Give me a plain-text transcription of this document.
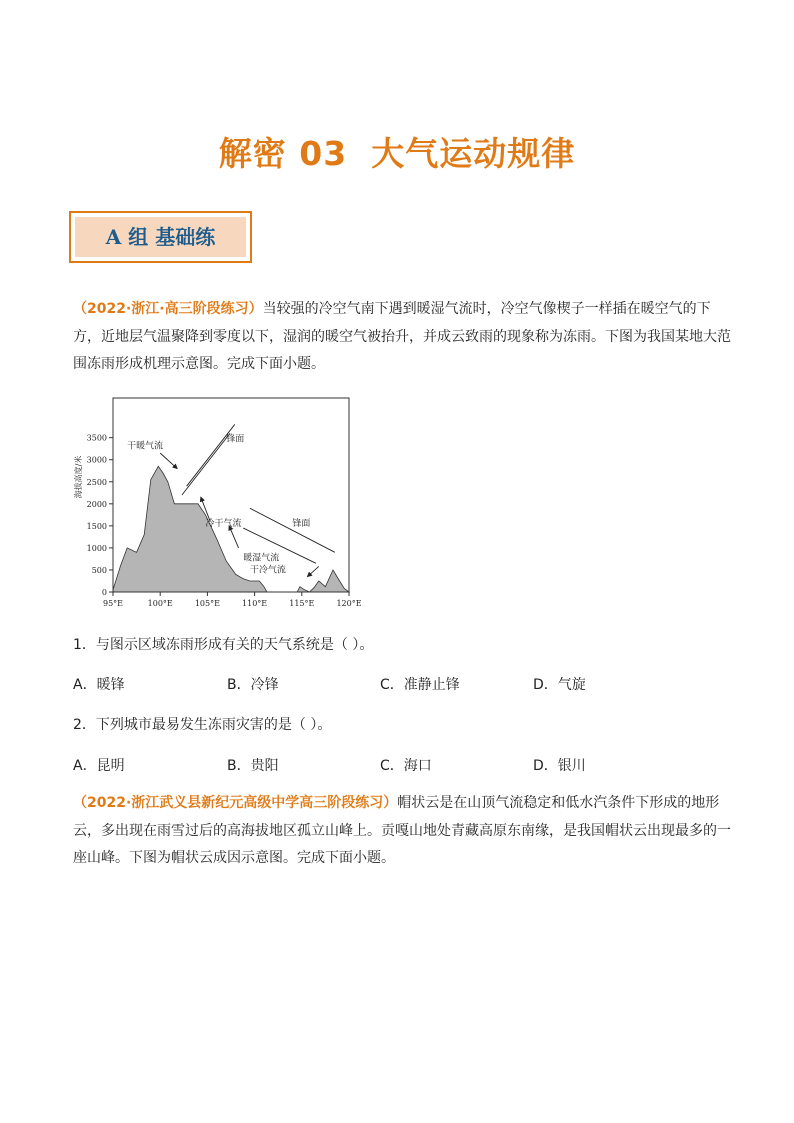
解密 03 大气运动规律
A 组 基础练

（2022·浙江·高三阶段练习）当较强的冷空气南下遇到暖湿气流时，冷空气像楔子一样插在暖空气的下方，近地层气温聚降到零度以下，湿润的暖空气被抬升，并成云致雨的现象称为冻雨。下图为我国某地大范围冻雨形成机理示意图。完成下面小题。

0
500
1000
1500
2000
2500
3000
3500
95°E	100°E	105°E	110°E	115°E	120°E
海拔高度/米
干暖气流
锋面
冷干气流	锋面
暖湿气流
干冷气流
1．与图示区域冻雨形成有关的天气系统是（ ）。
A．暖锋	B．冷锋	C．准静止锋	D．气旋
2．下列城市最易发生冻雨灾害的是（ ）。
A．昆明	B．贵阳	C．海口	D．银川

（2022·浙江武义县新纪元高级中学高三阶段练习）帽状云是在山顶气流稳定和低水汽条件下形成的地形云，多出现在雨雪过后的高海拔地区孤立山峰上。贡嘎山地处青藏高原东南缘，是我国帽状云出现最多的一座山峰。下图为帽状云成因示意图。完成下面小题。
